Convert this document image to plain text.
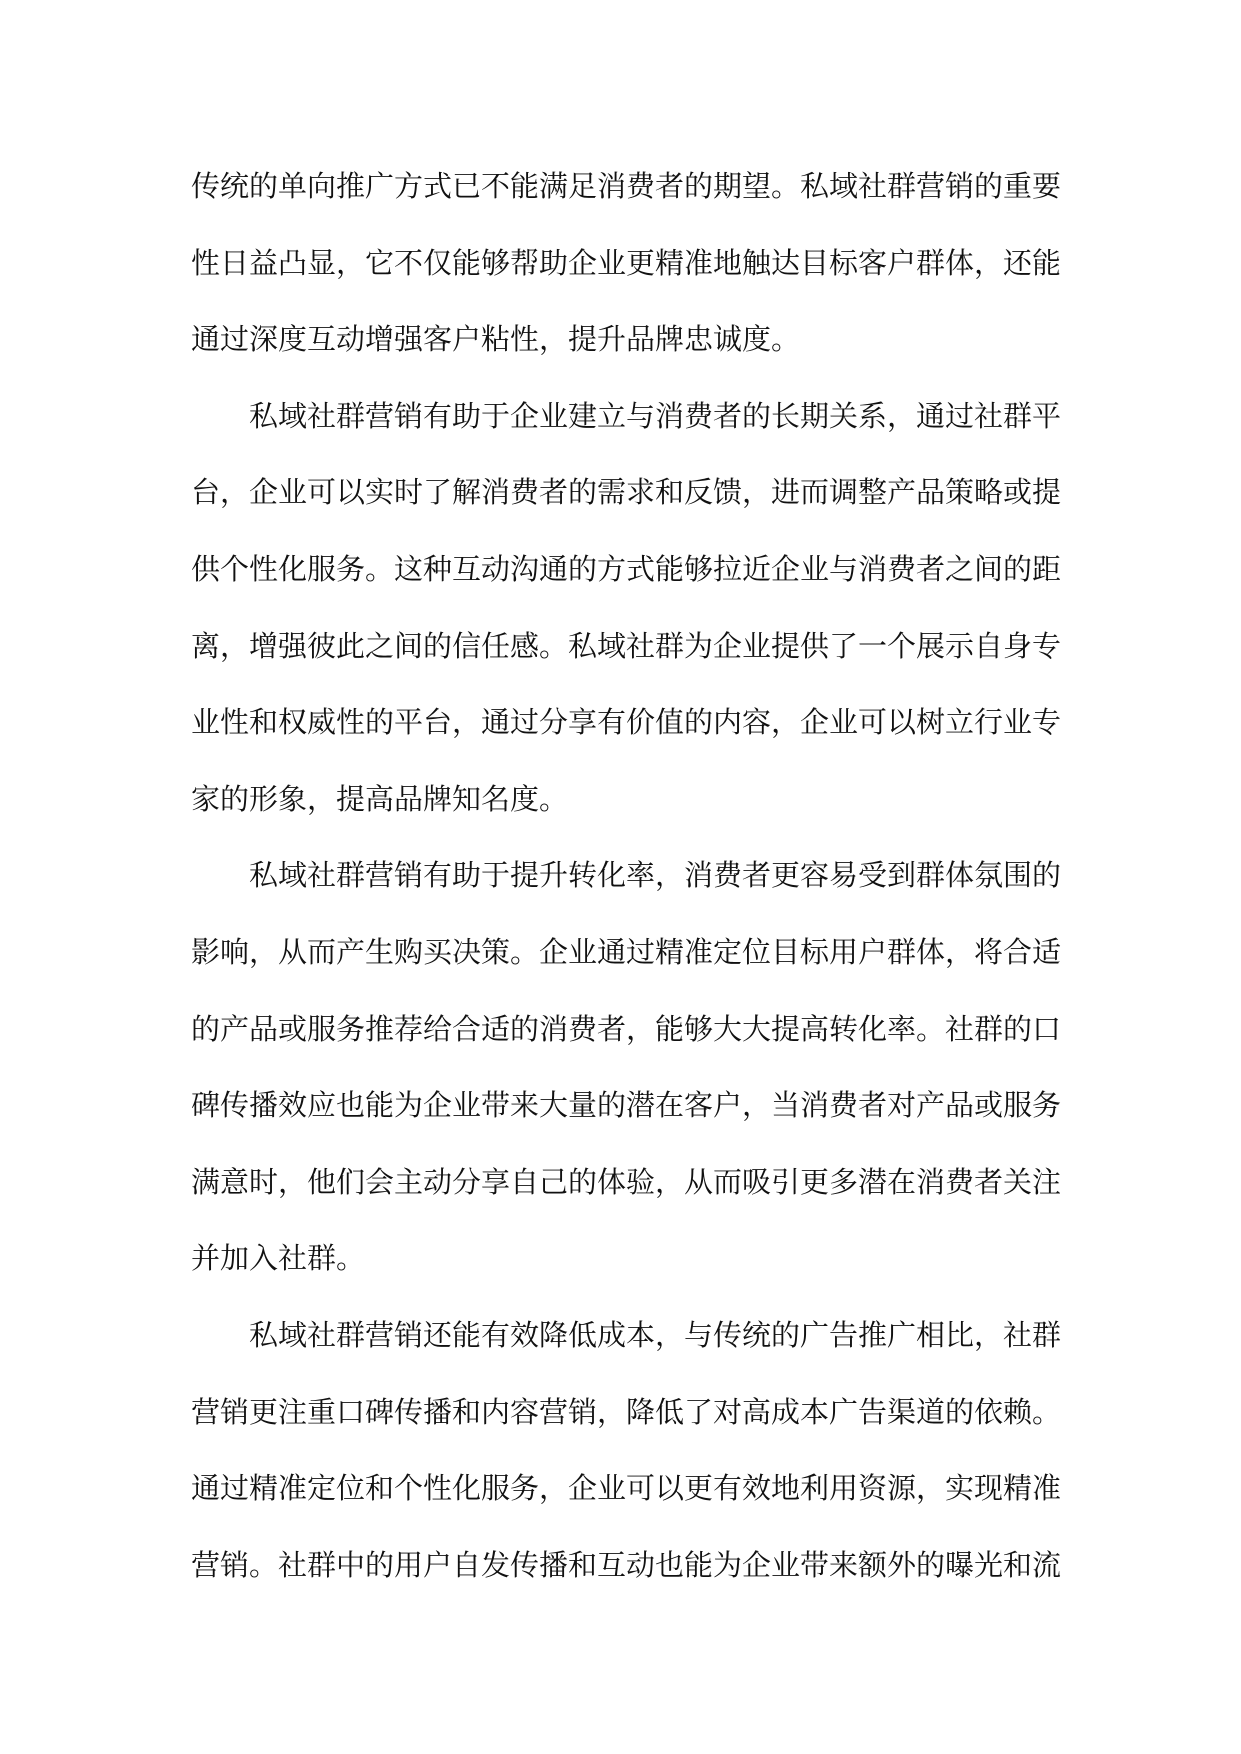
传统的单向推广方式已不能满足消费者的期望。私域社群营销的重要性日益凸显，它不仅能够帮助企业更精准地触达目标客户群体，还能通过深度互动增强客户粘性，提升品牌忠诚度。

私域社群营销有助于企业建立与消费者的长期关系，通过社群平台，企业可以实时了解消费者的需求和反馈，进而调整产品策略或提供个性化服务。这种互动沟通的方式能够拉近企业与消费者之间的距离，增强彼此之间的信任感。私域社群为企业提供了一个展示自身专业性和权威性的平台，通过分享有价值的内容，企业可以树立行业专家的形象，提高品牌知名度。

私域社群营销有助于提升转化率，消费者更容易受到群体氛围的影响，从而产生购买决策。企业通过精准定位目标用户群体，将合适的产品或服务推荐给合适的消费者，能够大大提高转化率。社群的口碑传播效应也能为企业带来大量的潜在客户，当消费者对产品或服务满意时，他们会主动分享自己的体验，从而吸引更多潜在消费者关注并加入社群。

私域社群营销还能有效降低成本，与传统的广告推广相比，社群营销更注重口碑传播和内容营销，降低了对高成本广告渠道的依赖。通过精准定位和个性化服务，企业可以更有效地利用资源，实现精准营销。社群中的用户自发传播和互动也能为企业带来额外的曝光和流
